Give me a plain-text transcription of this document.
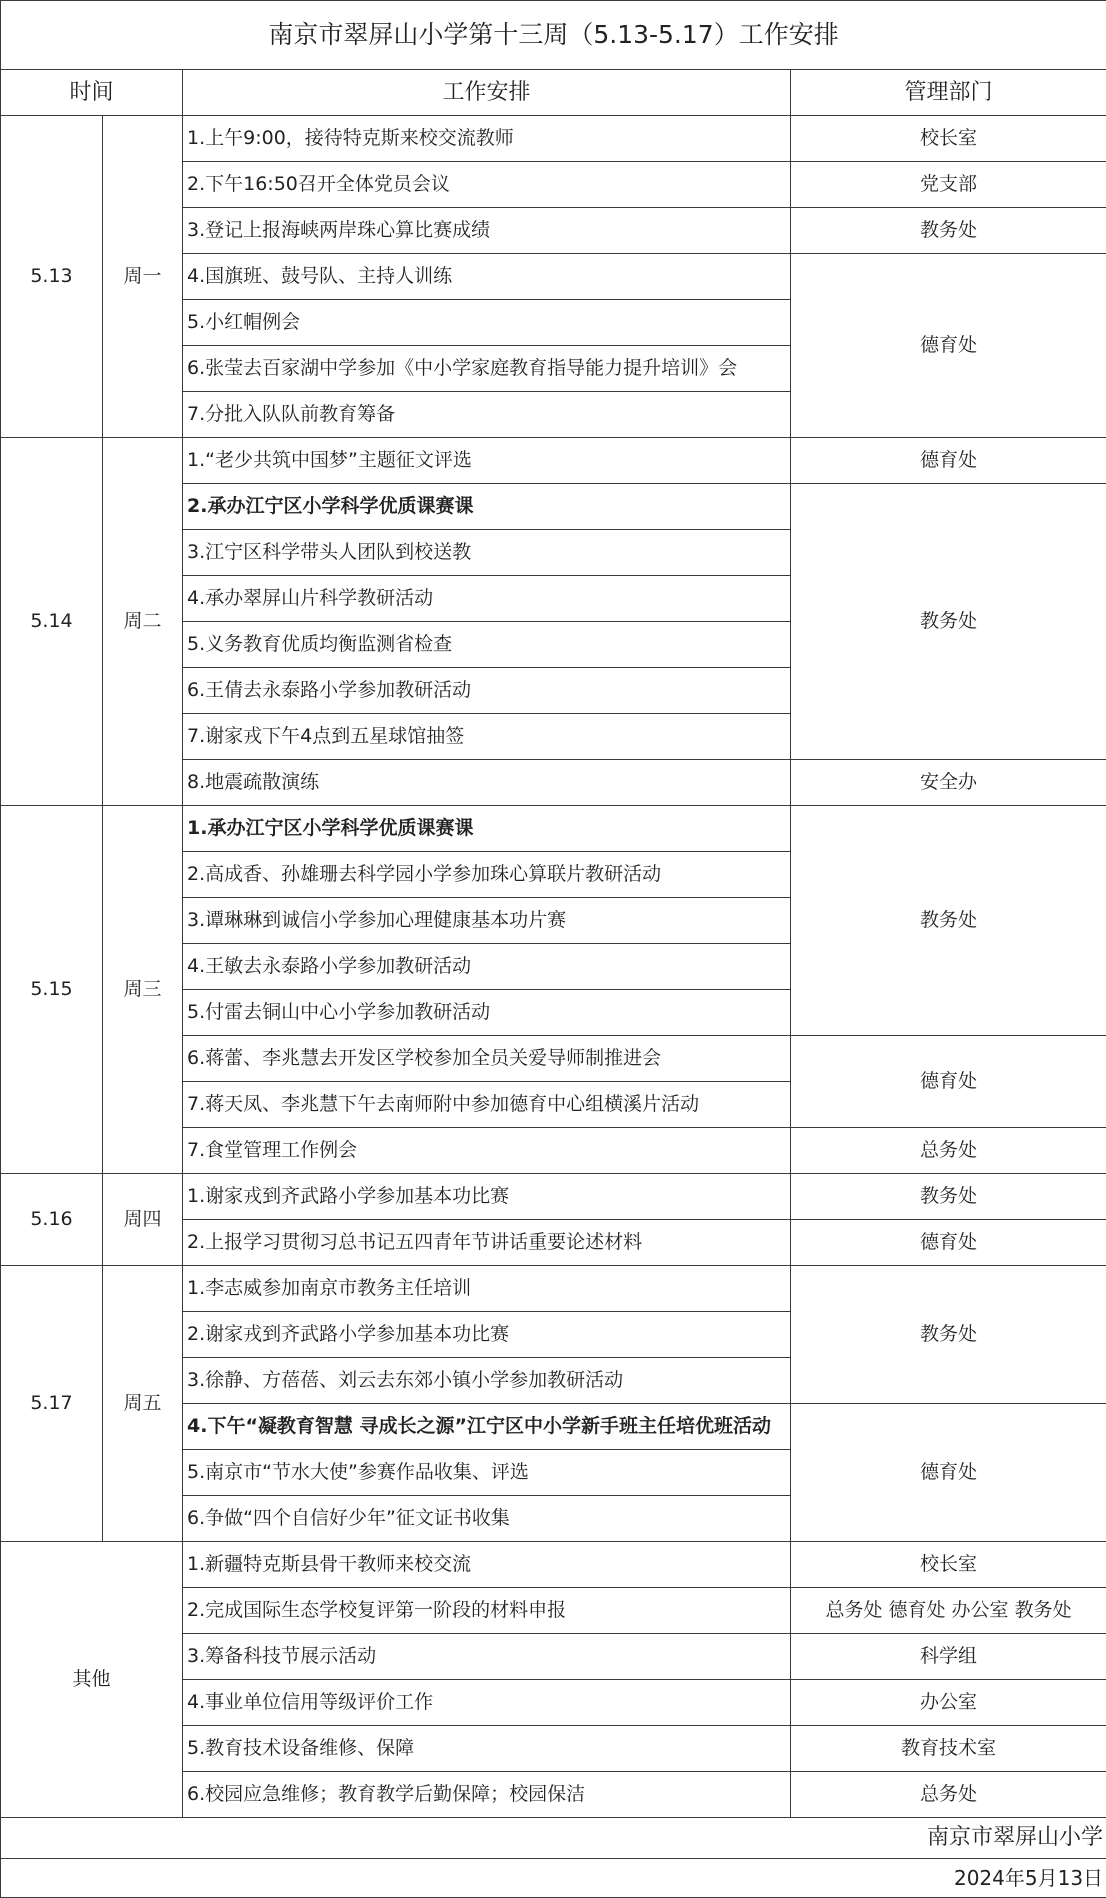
南京市翠屏山小学第十三周（5.13-5.17）工作安排			
时间		工作安排	管理部门
5.13	周一	1.上午9:00，接待特克斯来校交流教师	校长室
		2.下午16:50召开全体党员会议	党支部
		3.登记上报海峡两岸珠心算比赛成绩	教务处
		4.国旗班、鼓号队、主持人训练	德育处
		5.小红帽例会	
		6.张莹去百家湖中学参加《中小学家庭教育指导能力提升培训》会	
		7.分批入队队前教育筹备	
5.14	周二	1.“老少共筑中国梦”主题征文评选	德育处
		2.承办江宁区小学科学优质课赛课	教务处
		3.江宁区科学带头人团队到校送教	
		4.承办翠屏山片科学教研活动	
		5.义务教育优质均衡监测省检查	
		6.王倩去永泰路小学参加教研活动	
		7.谢家戎下午4点到五星球馆抽签	
		8.地震疏散演练	安全办
5.15	周三	1.承办江宁区小学科学优质课赛课	教务处
		2.高成香、孙雄珊去科学园小学参加珠心算联片教研活动	
		3.谭琳琳到诚信小学参加心理健康基本功片赛	
		4.王敏去永泰路小学参加教研活动	
		5.付雷去铜山中心小学参加教研活动	
		6.蒋蕾、李兆慧去开发区学校参加全员关爱导师制推进会	德育处
		7.蒋天凤、李兆慧下午去南师附中参加德育中心组横溪片活动	
		7.食堂管理工作例会	总务处
5.16	周四	1.谢家戎到齐武路小学参加基本功比赛	教务处
		2.上报学习贯彻习总书记五四青年节讲话重要论述材料	德育处
5.17	周五	1.李志威参加南京市教务主任培训	教务处
		2.谢家戎到齐武路小学参加基本功比赛	
		3.徐静、方蓓蓓、刘云去东郊小镇小学参加教研活动	
		4.下午“凝教育智慧 寻成长之源”江宁区中小学新手班主任培优班活动	德育处
		5.南京市“节水大使”参赛作品收集、评选	
		6.争做“四个自信好少年”征文证书收集	
其他		1.新疆特克斯县骨干教师来校交流	校长室
		2.完成国际生态学校复评第一阶段的材料申报	总务处 德育处 办公室 教务处
		3.筹备科技节展示活动	科学组
		4.事业单位信用等级评价工作	办公室
		5.教育技术设备维修、保障	教育技术室
		6.校园应急维修；教育教学后勤保障；校园保洁	总务处
南京市翠屏山小学			
2024年5月13日			
